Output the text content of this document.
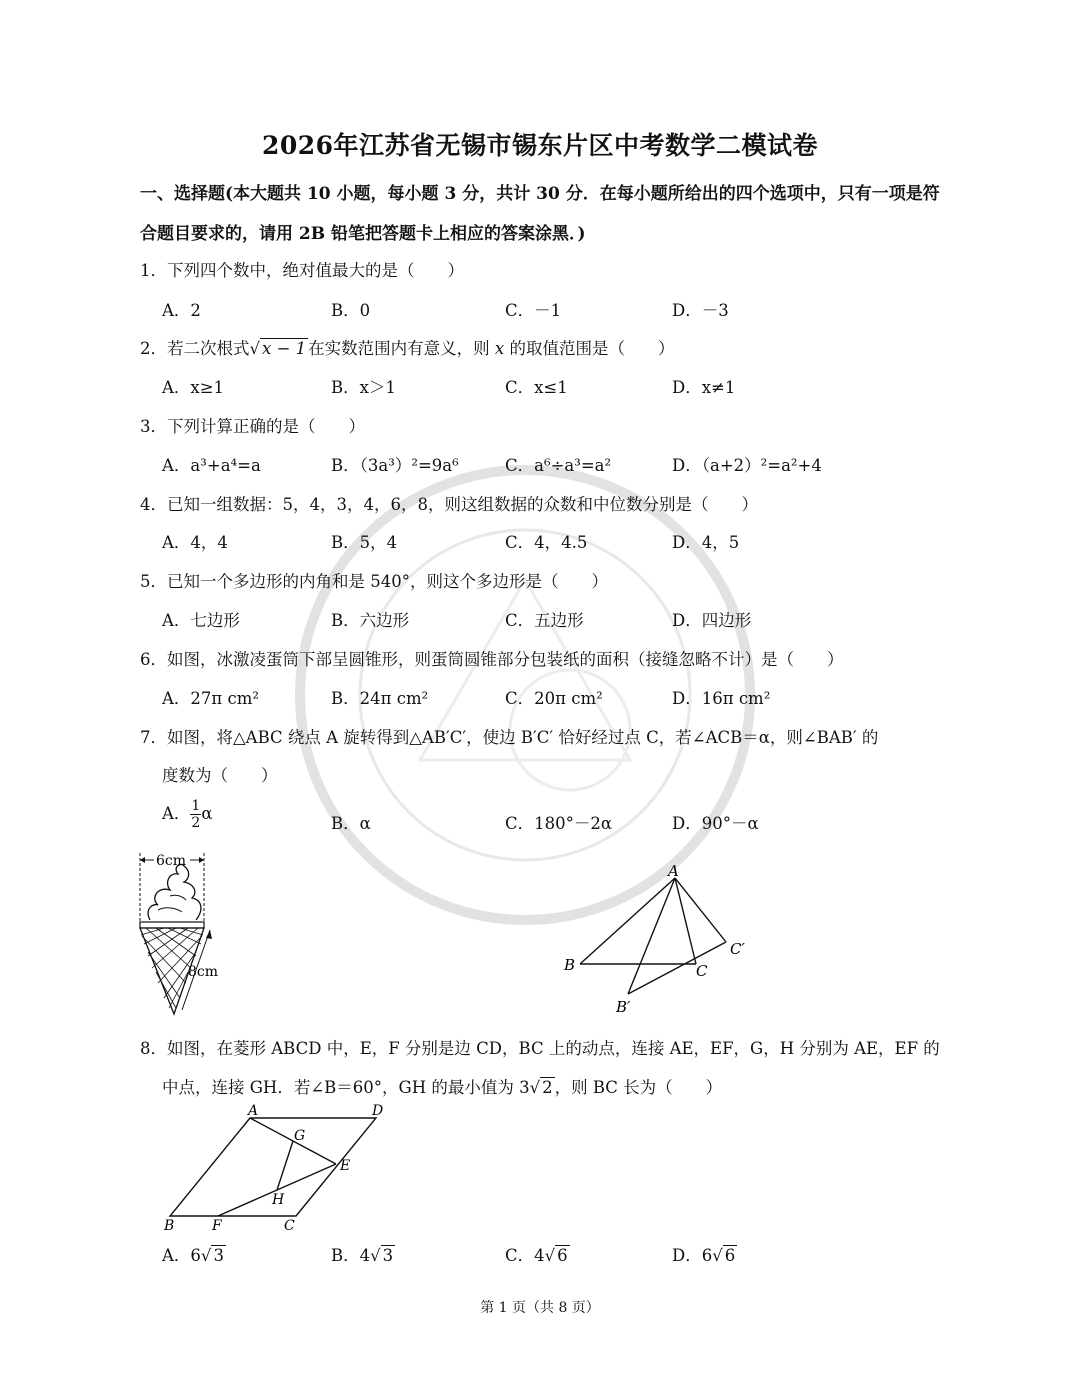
2026年江苏省无锡市锡东片区中考数学二模试卷
一、选择题(本大题共 10 小题，每小题 3 分，共计 30 分．在每小题所给出的四个选项中，只有一项是符
合题目要求的，请用 2B 铅笔把答题卡上相应的答案涂黑．)
1．下列四个数中，绝对值最大的是（　　）
A．2	B．0	C．－1	D．－3
2．若二次根式√ x − 1 在实数范围内有意义，则 x 的取值范围是（　　）
A．x≥1	B．x＞1	C．x≤1	D．x≠1
3．下列计算正确的是（　　）
A．a³+a⁴=a	B．（3a³）²=9a⁶	C．a⁶÷a³=a²	D．（a+2）²=a²+4
4．已知一组数据：5，4，3，4，6，8，则这组数据的众数和中位数分别是（　　）
A．4，4	B．5，4	C．4，4.5	D．4，5
5．已知一个多边形的内角和是 540°，则这个多边形是（　　）
A．七边形	B．六边形	C．五边形	D．四边形
6．如图，冰激凌蛋筒下部呈圆锥形，则蛋筒圆锥部分包装纸的面积（接缝忽略不计）是（　　）
A．27π cm²	B．24π cm²	C．20π cm²	D．16π cm²
7．如图，将△ABC 绕点 A 旋转得到△AB′C′，使边 B′C′ 恰好经过点 C，若∠ACB＝α，则∠BAB′ 的
度数为（　　）
A． $\frac{1}{2}$ α
B．α	C．180°－2α	D．90°－α
6cm
8cm
A
B	C
B′
C′
8．如图，在菱形 ABCD 中，E，F 分别是边 CD，BC 上的动点，连接 AE，EF，G，H 分别为 AE，EF 的
中点，连接 GH．若∠B＝60°，GH 的最小值为 3√ 2 ，则 BC 长为（　　）
A	D
G
E
H
B	F	C
A．6√ 3	B．4√ 3	C．4√ 6	D．6√ 6
第 1 页（共 8 页）
